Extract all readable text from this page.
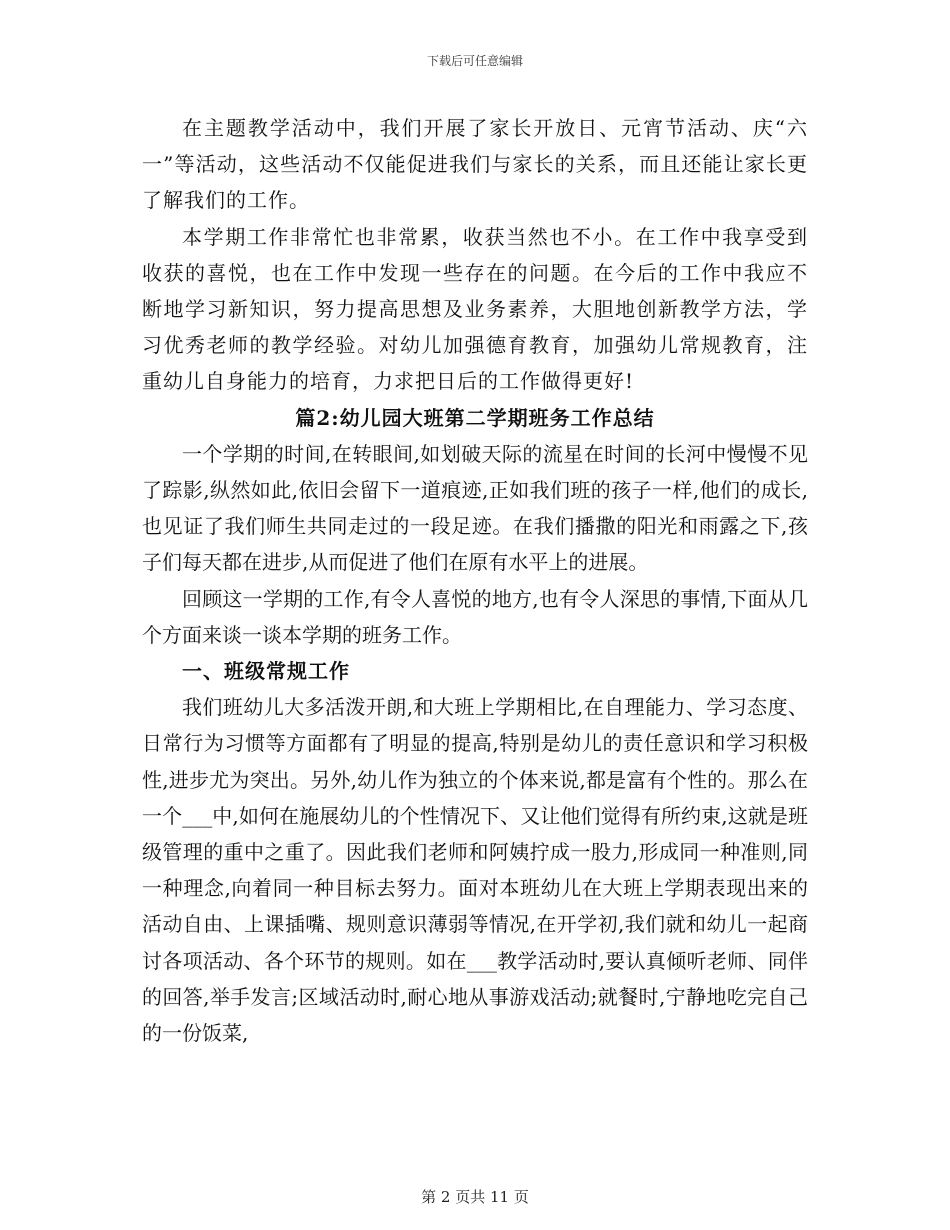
下载后可任意编辑

在主题教学活动中，我们开展了家长开放日、元宵节活动、庆“六一”等活动，这些活动不仅能促进我们与家长的关系，而且还能让家长更了解我们的工作。

本学期工作非常忙也非常累，收获当然也不小。在工作中我享受到收获的喜悦，也在工作中发现一些存在的问题。在今后的工作中我应不断地学习新知识，努力提高思想及业务素养，大胆地创新教学方法，学习优秀老师的教学经验。对幼儿加强德育教育，加强幼儿常规教育，注重幼儿自身能力的培育，力求把日后的工作做得更好!

篇2:幼儿园大班第二学期班务工作总结

一个学期的时间,在转眼间,如划破天际的流星在时间的长河中慢慢不见了踪影,纵然如此,依旧会留下一道痕迹,正如我们班的孩子一样,他们的成长,也见证了我们师生共同走过的一段足迹。在我们播撒的阳光和雨露之下,孩子们每天都在进步,从而促进了他们在原有水平上的进展。

回顾这一学期的工作,有令人喜悦的地方,也有令人深思的事情,下面从几个方面来谈一谈本学期的班务工作。

一、班级常规工作

我们班幼儿大多活泼开朗,和大班上学期相比,在自理能力、学习态度、日常行为习惯等方面都有了明显的提高,特别是幼儿的责任意识和学习积极性,进步尤为突出。另外,幼儿作为独立的个体来说,都是富有个性的。那么在一个___中,如何在施展幼儿的个性情况下、又让他们觉得有所约束,这就是班级管理的重中之重了。因此我们老师和阿姨拧成一股力,形成同一种准则,同一种理念,向着同一种目标去努力。面对本班幼儿在大班上学期表现出来的活动自由、上课插嘴、规则意识薄弱等情况,在开学初,我们就和幼儿一起商讨各项活动、各个环节的规则。如在___教学活动时,要认真倾听老师、同伴的回答,举手发言;区域活动时,耐心地从事游戏活动;就餐时,宁静地吃完自己的一份饭菜,

第 2 页共 11 页
